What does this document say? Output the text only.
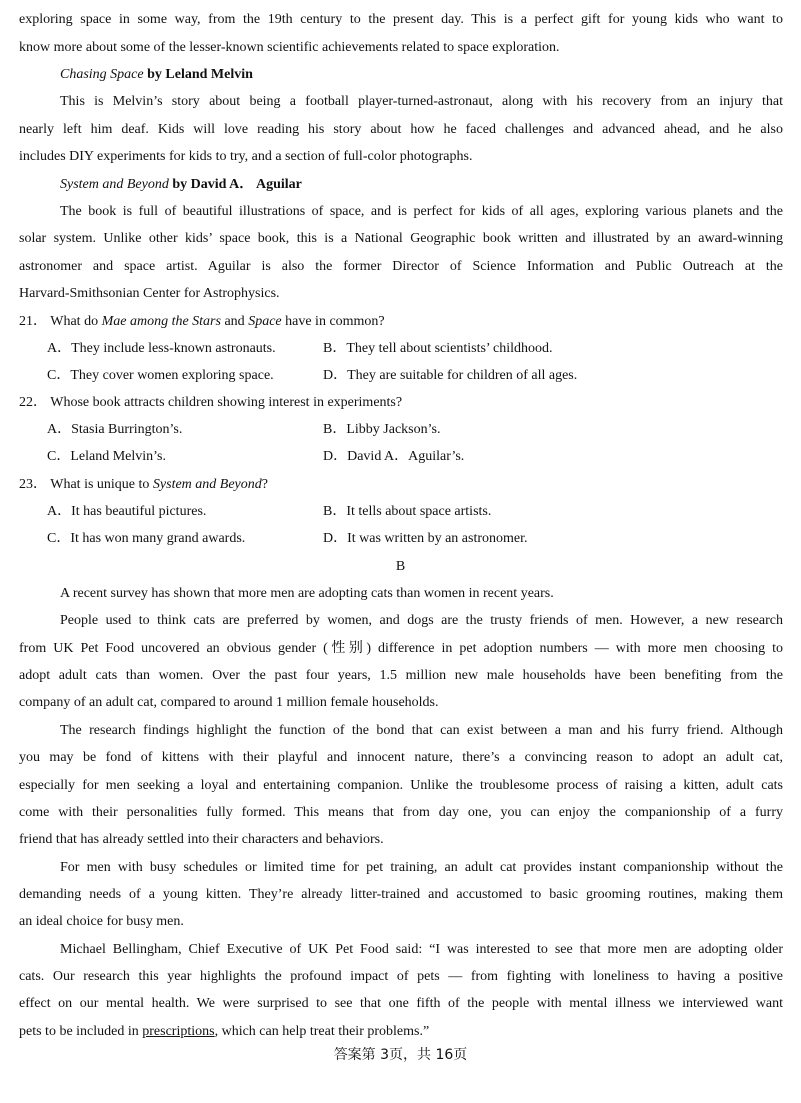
exploring space in some way, from the 19th century to the present day. This is a perfect gift for young kids who want to
know more about some of the lesser-known scientific achievements related to space exploration.
Chasing Space by Leland Melvin
This is Melvin’s story about being a football player-turned-astronaut, along with his recovery from an injury that
nearly left him deaf. Kids will love reading his story about how he faced challenges and advanced ahead, and he also
includes DIY experiments for kids to try, and a section of full-color photographs.
System and Beyond by David A． Aguilar
The book is full of beautiful illustrations of space, and is perfect for kids of all ages, exploring various planets and the
solar system. Unlike other kids’ space book, this is a National Geographic book written and illustrated by an award-winning
astronomer and space artist. Aguilar is also the former Director of Science Information and Public Outreach at the
Harvard-Smithsonian Center for Astrophysics.
21． What do Mae among the Stars and Space have in common?
A．They include less-known astronauts.	B．They tell about scientists’ childhood.
C．They cover women exploring space.	D．They are suitable for children of all ages.
22． Whose book attracts children showing interest in experiments?
A．Stasia Burrington’s.	B．Libby Jackson’s.
C．Leland Melvin’s.	D．David A．Aguilar’s.
23． What is unique to System and Beyond?
A．It has beautiful pictures.	B．It tells about space artists.
C．It has won many grand awards.	D．It was written by an astronomer.
B
A recent survey has shown that more men are adopting cats than women in recent years.
People used to think cats are preferred by women, and dogs are the trusty friends of men. However, a new research
from UK Pet Food uncovered an obvious gender (性别) difference in pet adoption numbers — with more men choosing to
adopt adult cats than women. Over the past four years, 1.5 million new male households have been benefiting from the
company of an adult cat, compared to around 1 million female households.
The research findings highlight the function of the bond that can exist between a man and his furry friend. Although
you may be fond of kittens with their playful and innocent nature, there’s a convincing reason to adopt an adult cat,
especially for men seeking a loyal and entertaining companion. Unlike the troublesome process of raising a kitten, adult cats
come with their personalities fully formed. This means that from day one, you can enjoy the companionship of a furry
friend that has already settled into their characters and behaviors.
For men with busy schedules or limited time for pet training, an adult cat provides instant companionship without the
demanding needs of a young kitten. They’re already litter-trained and accustomed to basic grooming routines, making them
an ideal choice for busy men.
Michael Bellingham, Chief Executive of UK Pet Food said: “I was interested to see that more men are adopting older
cats. Our research this year highlights the profound impact of pets — from fighting with loneliness to having a positive
effect on our mental health. We were surprised to see that one fifth of the people with mental illness we interviewed want
pets to be included in prescriptions, which can help treat their problems.”
答案第 3页，共 16页
